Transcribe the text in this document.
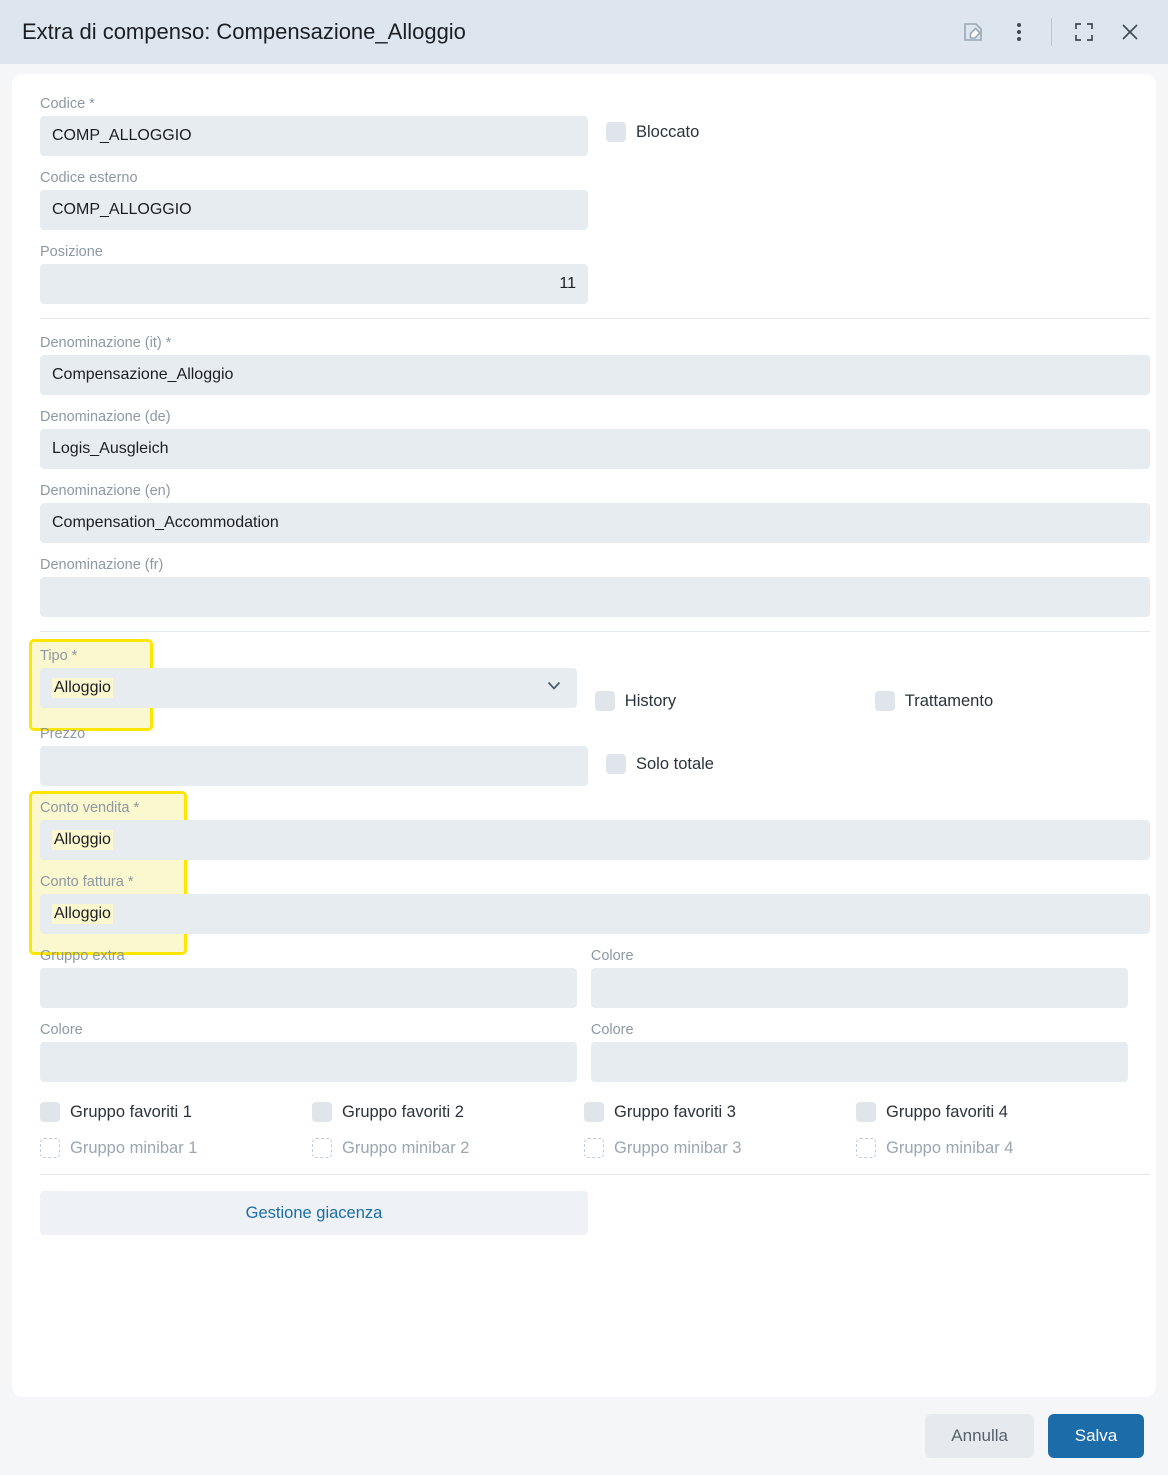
Extra di compenso: Compensazione_Alloggio
Codice *
COMP_ALLOGGIO	Bloccato
Codice esterno
COMP_ALLOGGIO
Posizione
11
Denominazione (it) *
Compensazione_Alloggio
Denominazione (de)
Logis_Ausgleich
Denominazione (en)
Compensation_Accommodation
Denominazione (fr)
Tipo *
Alloggio
History	Trattamento
Prezzo
Solo totale
Conto vendita *
Alloggio
Conto fattura *
Alloggio
Gruppo extra	Colore
Colore	Colore
Gruppo favoriti 1	Gruppo favoriti 2	Gruppo favoriti 3	Gruppo favoriti 4
Gruppo minibar 1	Gruppo minibar 2	Gruppo minibar 3	Gruppo minibar 4
Gestione giacenza
Annulla	Salva
